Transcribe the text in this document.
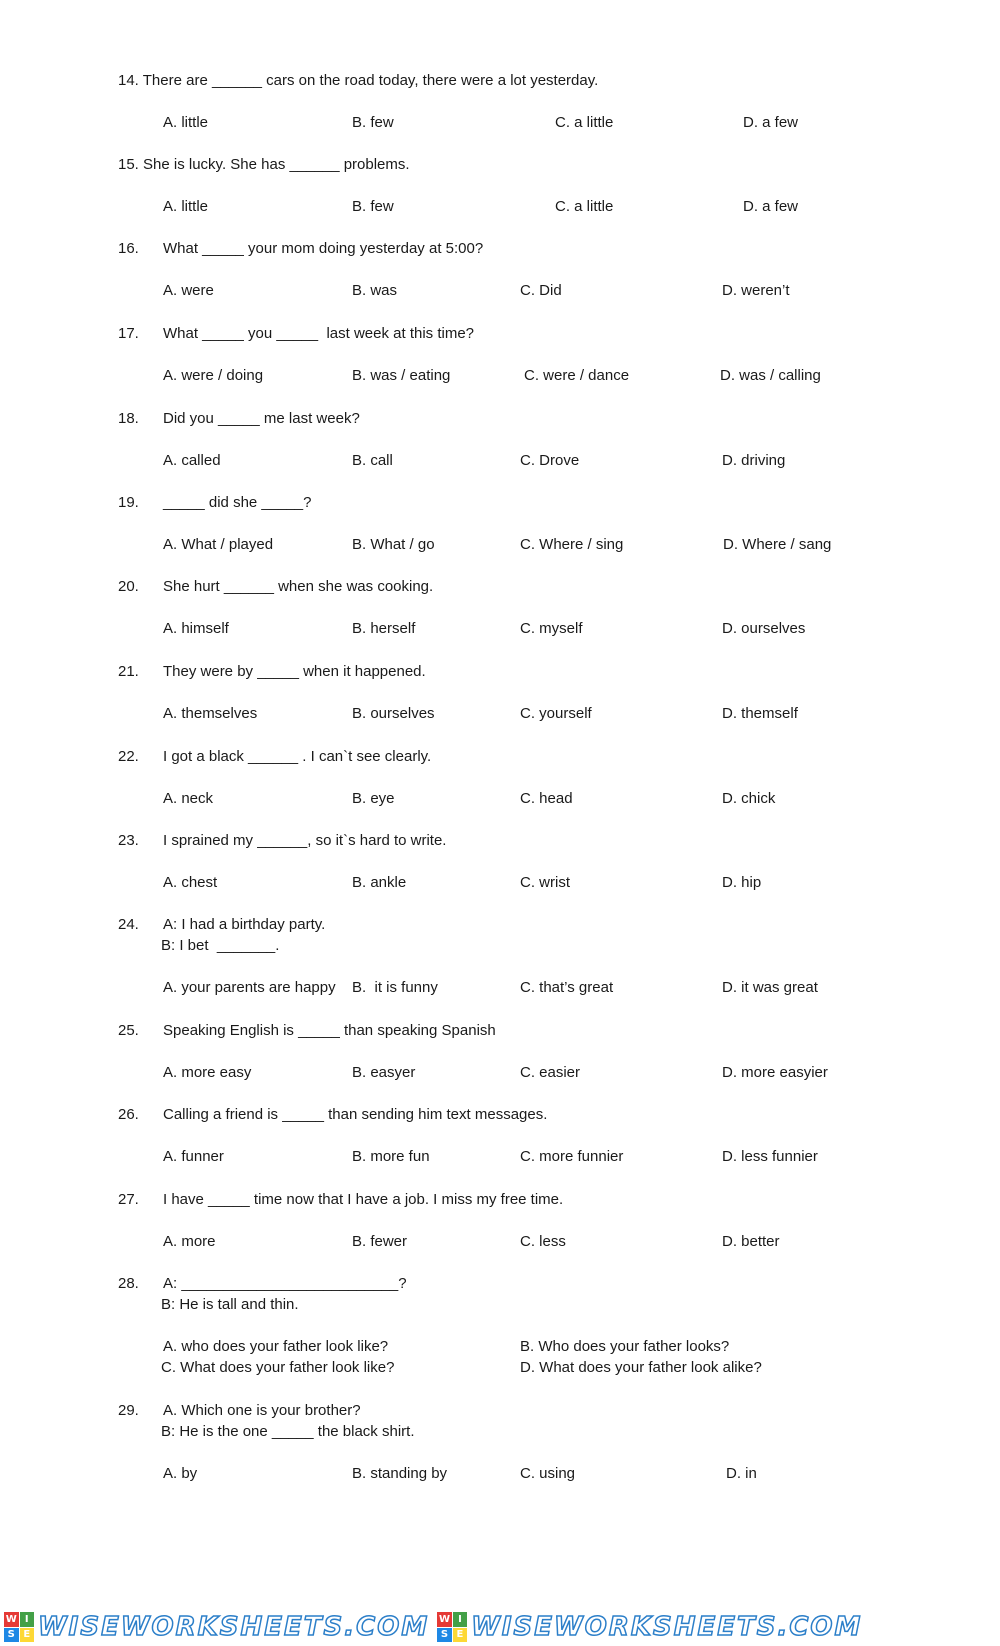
14. There are ______ cars on the road today, there were a lot yesterday.
A. little	B. few	C. a little	D. a few
15. She is lucky. She has ______ problems.
A. little	B. few	C. a little	D. a few
16. What _____ your mom doing yesterday at 5:00?
A. were	B. was	C. Did	D. weren’t
17. What _____ you _____  last week at this time?
A. were / doing	B. was / eating	C. were / dance	D. was / calling
18. Did you _____ me last week?
A. called	B. call	C. Drove	D. driving
19. _____ did she _____?
A. What / played	B. What / go	C. Where / sing	D. Where / sang
20. She hurt ______ when she was cooking.
A. himself	B. herself	C. myself	D. ourselves
21. They were by _____ when it happened.
A. themselves	B. ourselves	C. yourself	D. themself
22. I got a black ______ . I can`t see clearly.
A. neck	B. eye	C. head	D. chick
23. I sprained my ______, so it`s hard to write.
A. chest	B. ankle	C. wrist	D. hip
24. A: I had a birthday party.
B: I bet  _______.
A. your parents are happy B.  it is funny	C. that’s great	D. it was great
25. Speaking English is _____ than speaking Spanish
A. more easy	B. easyer	C. easier	D. more easyier
26. Calling a friend is _____ than sending him text messages.
A. funner	B. more fun	C. more funnier	D. less funnier
27. I have _____ time now that I have a job. I miss my free time.
A. more	B. fewer	C. less	D. better
28. A: __________________________?
B: He is tall and thin.
A. who does your father look like?	B. Who does your father looks?
C. What does your father look like?	D. What does your father look alike?
29. A. Which one is your brother?
B: He is the one _____ the black shirt.
A. by	B. standing by	C. using	D. in
W I
S E WISEWORKSHEETS.COM W I
S E WISEWORKSHEETS.COM
